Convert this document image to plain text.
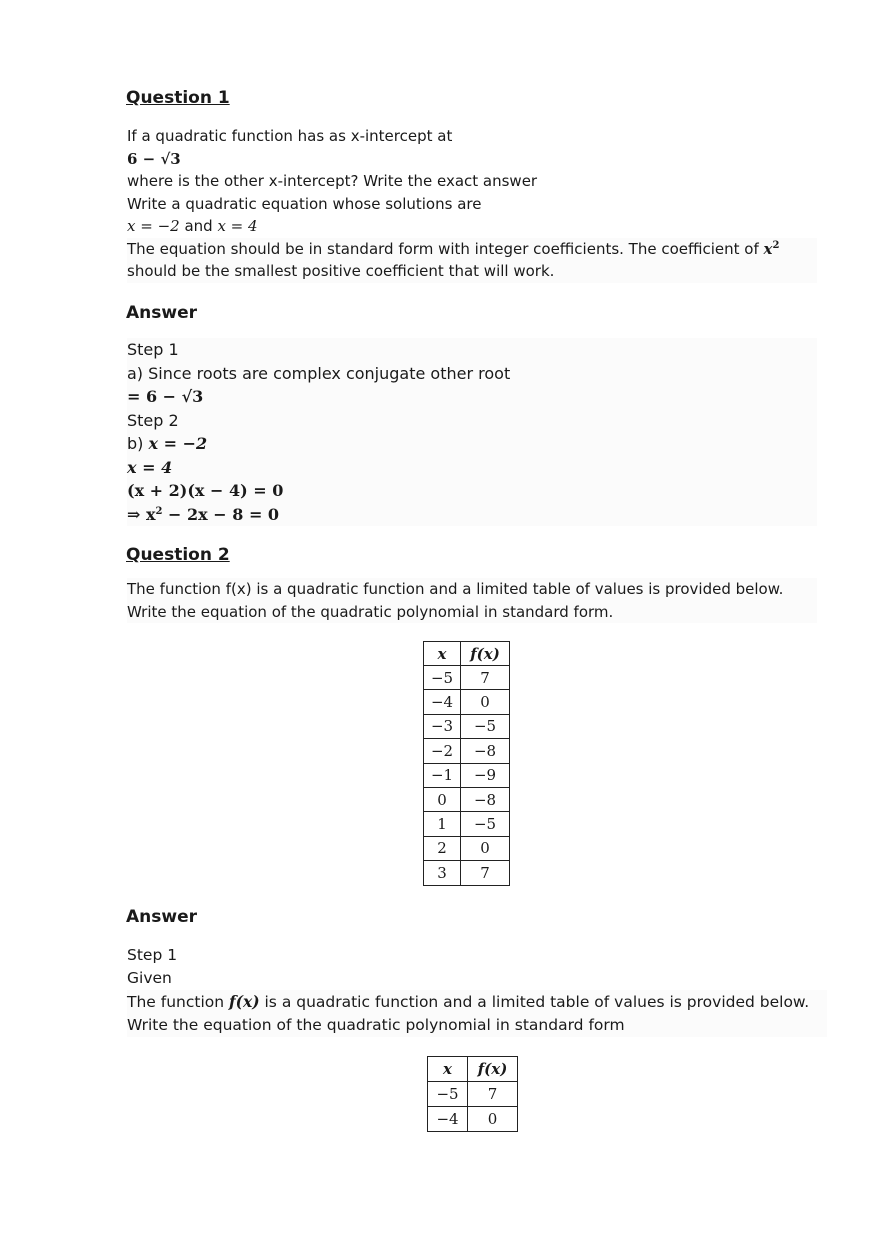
Question 1
If a quadratic function has as x-intercept at
6 − √3
where is the other x-intercept? Write the exact answer
Write a quadratic equation whose solutions are
x = −2 and x = 4
The equation should be in standard form with integer coefficients. The coefficient of $x^2$
should be the smallest positive coefficient that will work.
Answer
Step 1
a) Since roots are complex conjugate other root
= 6 − √3
Step 2
b) x = −2
x = 4
(x + 2)(x − 4) = 0
⇒ $x^2 - 2x - 8 = 0$
Question 2
The function f(x) is a quadratic function and a limited table of values is provided below.
Write the equation of the quadratic polynomial in standard form.
x	f(x)
−5	7
−4	0
−3	−5
−2	−8
−1	−9
0	−8
1	−5
2	0
3	7
Answer
Step 1
Given
The function f(x) is a quadratic function and a limited table of values is provided below.
Write the equation of the quadratic polynomial in standard form
x	f(x)
−5	7
−4	0
